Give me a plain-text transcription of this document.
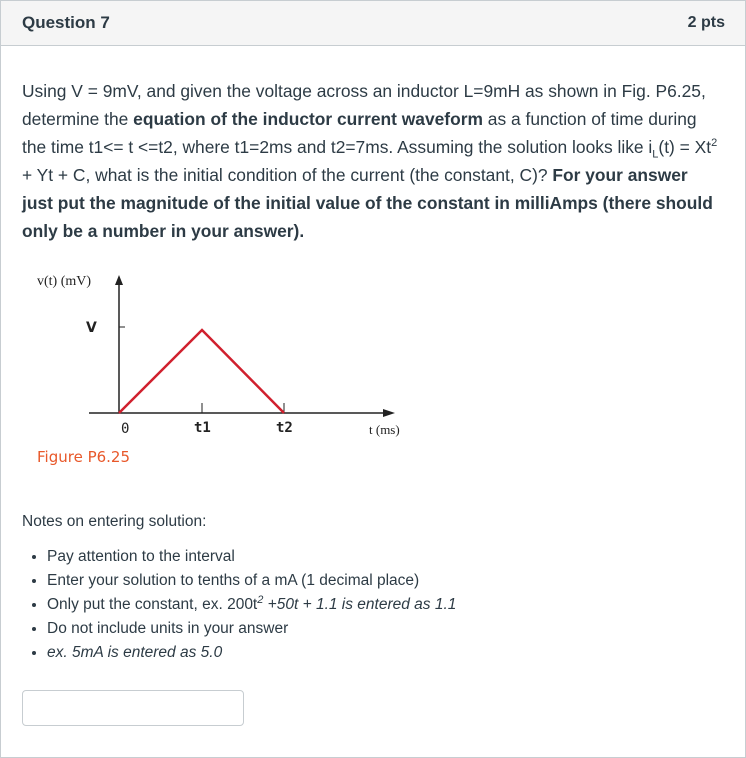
Question 7	2 pts
Using V = 9mV, and given the voltage across an inductor L=9mH as shown in Fig. P6.25, determine the equation of the inductor current waveform as a function of time during the time t1<= t <=t2, where t1=2ms and t2=7ms. Assuming the solution looks like $i_L(t) = Xt^2 + Yt + C$, what is the initial condition of the current (the constant, C)? For your answer just put the magnitude of the initial value of the constant in milliAmps (there should only be a number in your answer).
v(t) (mV)
V
0	t1	t2	t (ms)
Figure P6.25
Notes on entering solution:
• Pay attention to the interval
• Enter your solution to tenths of a mA (1 decimal place)
• Only put the constant, ex. $200t^2 +50t + 1.1$ is entered as 1.1
• Do not include units in your answer
• ex. 5mA is entered as 5.0
